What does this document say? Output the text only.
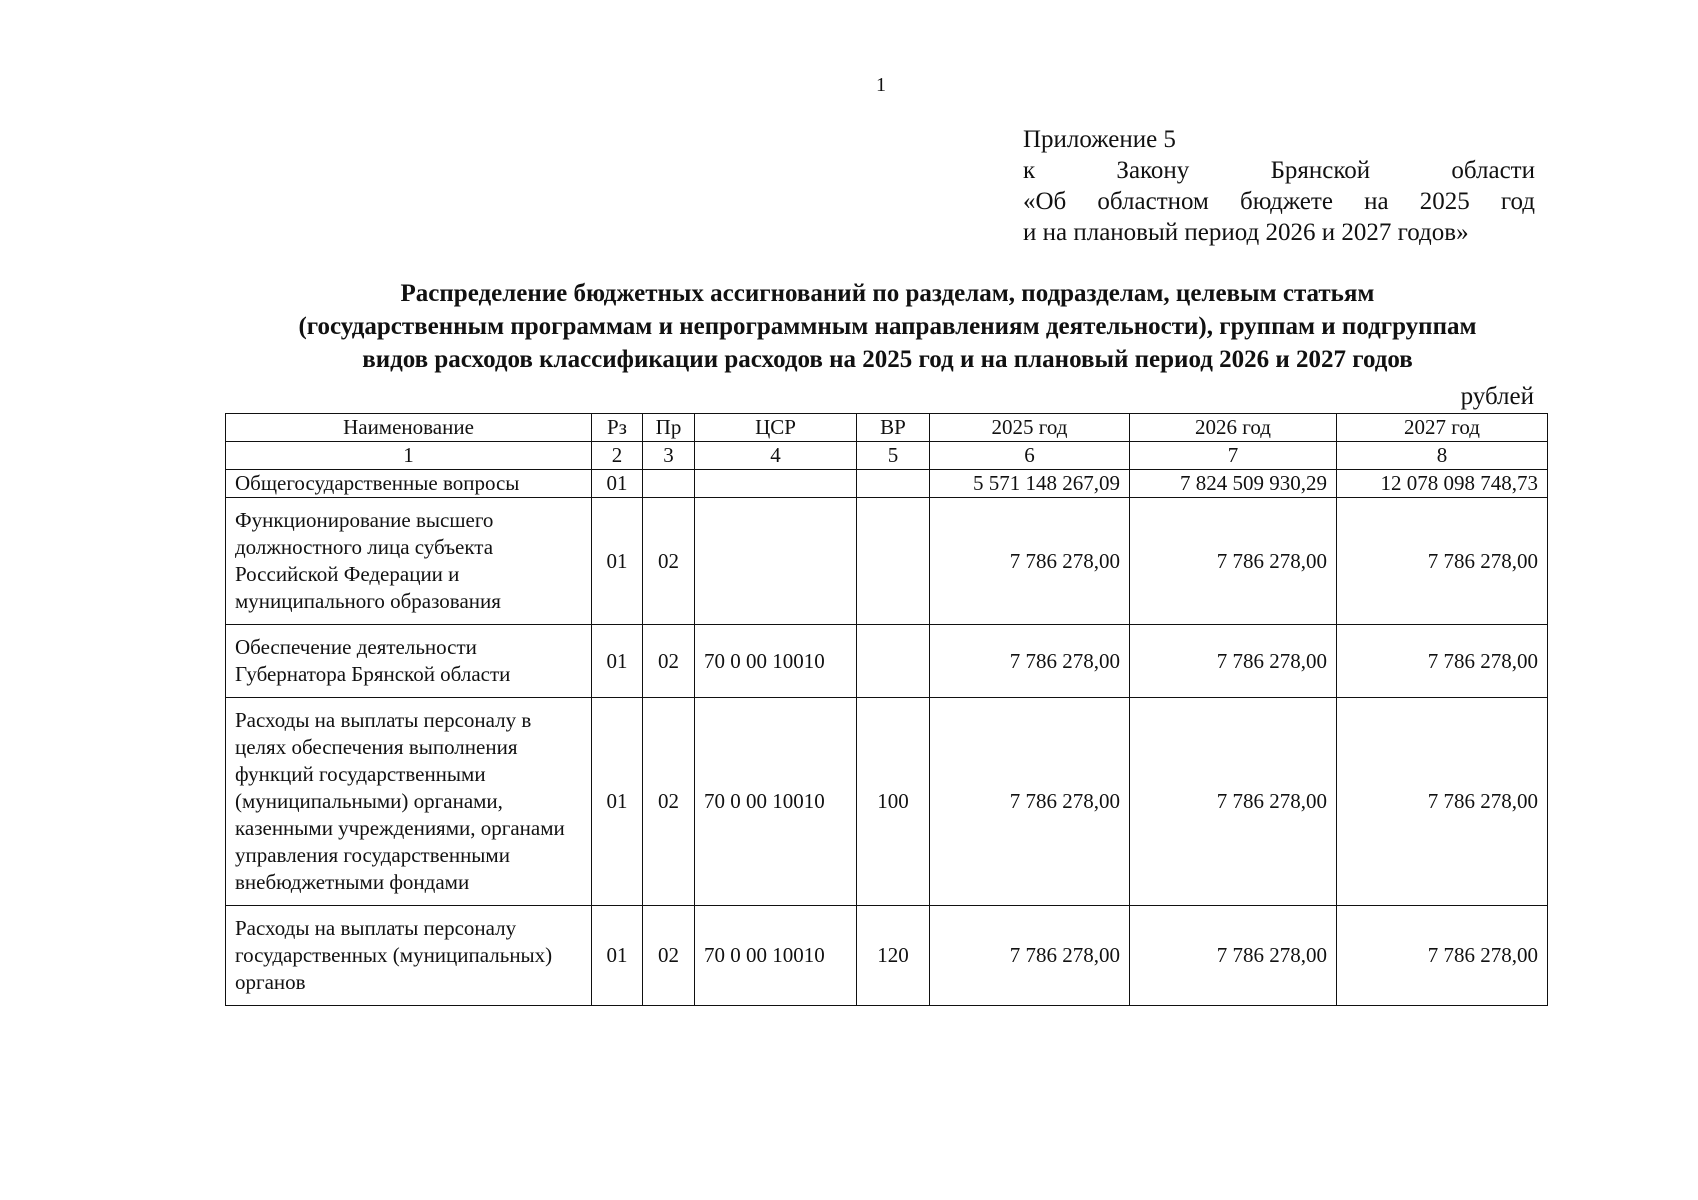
1
Приложение 5
к Закону Брянской области
«Об областном бюджете на 2025 год
и на плановый период 2026 и 2027 годов»
Распределение бюджетных ассигнований по разделам, подразделам, целевым статьям
(государственным программам и непрограммным направлениям деятельности), группам и подгруппам
видов расходов классификации расходов на 2025 год и на плановый период 2026 и 2027 годов
рублей
Наименование	Рз	Пр	ЦСР	ВР	2025 год	2026 год	2027 год
1	2	3	4	5	6	7	8
Общегосударственные вопросы	01				5 571 148 267,09	7 824 509 930,29	12 078 098 748,73
Функционирование высшего должностного лица субъекта Российской Федерации и муниципального образования	01	02			7 786 278,00	7 786 278,00	7 786 278,00
Обеспечение деятельности Губернатора Брянской области	01	02	70 0 00 10010		7 786 278,00	7 786 278,00	7 786 278,00
Расходы на выплаты персоналу в целях обеспечения выполнения функций государственными (муниципальными) органами, казенными учреждениями, органами управления государственными внебюджетными фондами	01	02	70 0 00 10010	100	7 786 278,00	7 786 278,00	7 786 278,00
Расходы на выплаты персоналу государственных (муниципальных) органов	01	02	70 0 00 10010	120	7 786 278,00	7 786 278,00	7 786 278,00
